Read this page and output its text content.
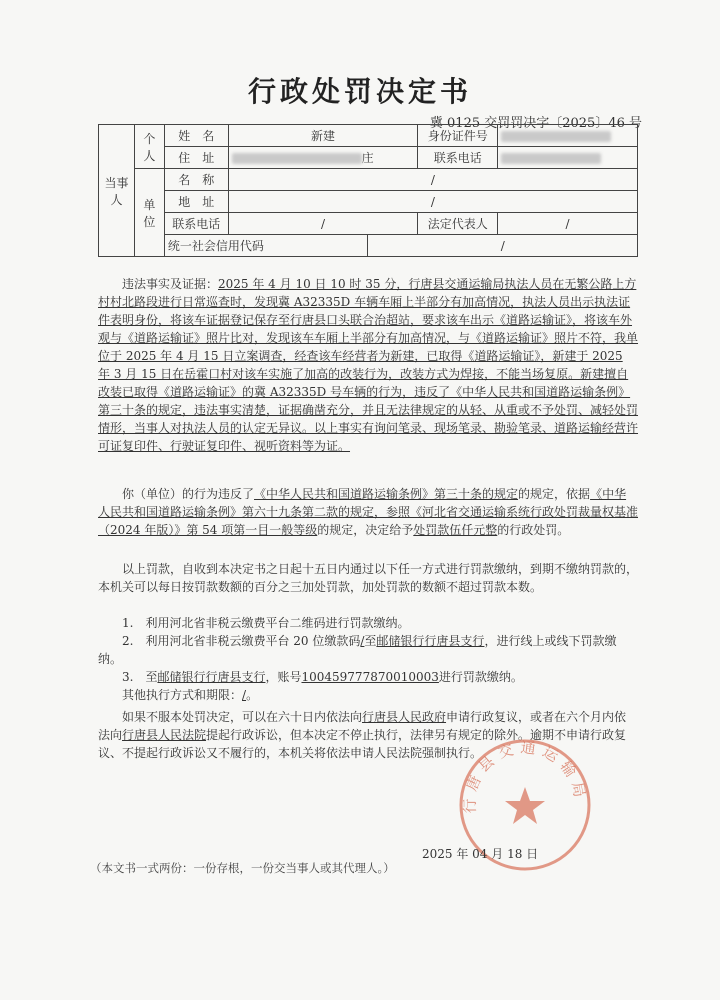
行政处罚决定书
冀 0125 交罚罚决字〔2025〕46 号
当事人	个人	姓　名	新建		身份证件号	
		住　址	庄		联系电话	
	单位	名　称	/			
		地　址	/			
		联系电话	/		法定代表人	/
		统一社会信用代码		/		
违法事实及证据：2025 年 4 月 10 日 10 时 35 分，行唐县交通运输局执法人员在无繁公路上方村村北路段进行日常巡查时，发现冀 A32335D 车辆车厢上半部分有加高情况，执法人员出示执法证件表明身份，将该车证据登记保存至行唐县口头联合治超站，要求该车出示《道路运输证》，将该车外观与《道路运输证》照片比对，发现该车车厢上半部分有加高情况，与《道路运输证》照片不符，我单位于 2025 年 4 月 15 日立案调查，经查该车经营者为新建，已取得《道路运输证》，新建于 2025 年 3 月 15 日在岳霍口村对该车实施了加高的改装行为，改装方式为焊接，不能当场复原。新建擅自改装已取得《道路运输证》的冀 A32335D 号车辆的行为，违反了《中华人民共和国道路运输条例》第三十条的规定，违法事实清楚，证据确凿充分，并且无法律规定的从轻、从重或不予处罚、减轻处罚情形，当事人对执法人员的认定无异议。以上事实有询问笔录、现场笔录、勘验笔录、道路运输经营许可证复印件、行驶证复印件、视听资料等为证。
你（单位）的行为违反了《中华人民共和国道路运输条例》第三十条的规定的规定，依据《中华人民共和国道路运输条例》第六十九条第二款的规定，参照《河北省交通运输系统行政处罚裁量权基准（2024 年版）》第 54 项第一目一般等级的规定，决定给予处罚款伍仟元整的行政处罚。
以上罚款，自收到本决定书之日起十五日内通过以下任一方式进行罚款缴纳，到期不缴纳罚款的，本机关可以每日按罚款数额的百分之三加处罚款，加处罚款的数额不超过罚款本数。
1.　利用河北省非税云缴费平台二维码进行罚款缴纳。
2.　利用河北省非税云缴费平台 20 位缴款码/至邮储银行行唐县支行，进行线上或线下罚款缴纳。
3.　至邮储银行行唐县支行，账号100459777870010003进行罚款缴纳。
其他执行方式和期限：/。
如果不服本处罚决定，可以在六十日内依法向行唐县人民政府申请行政复议，或者在六个月内依法向行唐县人民法院提起行政诉讼，但本决定不停止执行，法律另有规定的除外。逾期不申请行政复议、不提起行政诉讼又不履行的，本机关将依法申请人民法院强制执行。
行唐县交通运输局
2025 年 04 月 18 日
（本文书一式两份：一份存根，一份交当事人或其代理人。）
